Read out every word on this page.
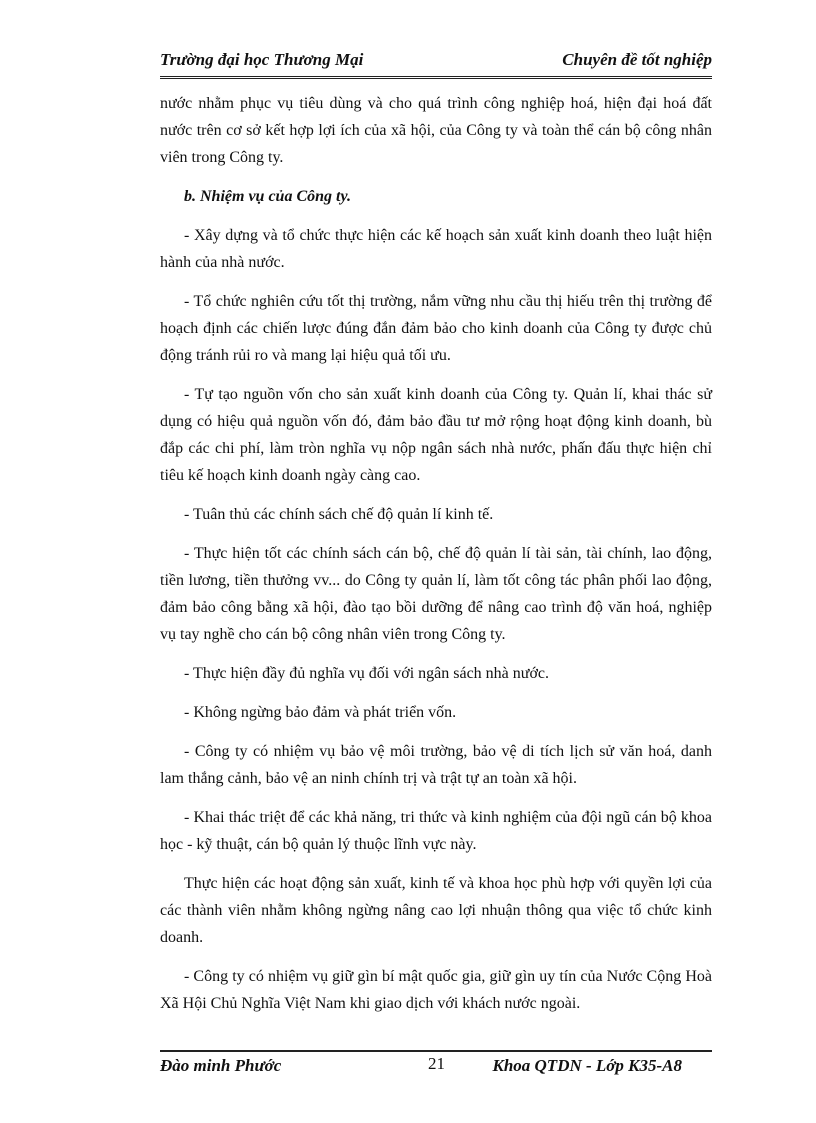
Trường đại học Thương Mại	Chuyên đề tốt nghiệp

nước nhằm phục vụ tiêu dùng và cho quá trình công nghiệp hoá, hiện đại hoá đất nước trên cơ sở kết hợp lợi ích của xã hội, của Công ty và toàn thể cán bộ công nhân viên trong Công ty.

b. Nhiệm vụ của Công ty.

- Xây dựng và tổ chức thực hiện các kế hoạch sản xuất kinh doanh theo luật hiện hành của nhà nước.

- Tổ chức nghiên cứu tốt thị trường, nắm vững nhu cầu thị hiếu trên thị trường để hoạch định các chiến lược đúng đắn đảm bảo cho kinh doanh của Công ty được chủ động tránh rủi ro và mang lại hiệu quả tối ưu.

- Tự tạo nguồn vốn cho sản xuất kinh doanh của Công ty. Quản lí, khai thác sử dụng có hiệu quả nguồn vốn đó, đảm bảo đầu tư mở rộng hoạt động kinh doanh, bù đắp các chi phí, làm tròn nghĩa vụ nộp ngân sách nhà nước, phấn đấu thực hiện chỉ tiêu kế hoạch kinh doanh ngày càng cao.

- Tuân thủ các chính sách chế độ quản lí kinh tế.

- Thực hiện tốt các chính sách cán bộ, chế độ quản lí tài sản, tài chính, lao động, tiền lương, tiền thưởng vv... do Công ty quản lí, làm tốt công tác phân phối lao động, đảm bảo công bằng xã hội, đào tạo bồi dưỡng để nâng cao trình độ văn hoá, nghiệp vụ tay nghề cho cán bộ công nhân viên trong Công ty.

- Thực hiện đầy đủ nghĩa vụ đối với ngân sách nhà nước.

- Không ngừng bảo đảm và phát triển vốn.

- Công ty có nhiệm vụ bảo vệ môi trường, bảo vệ di tích lịch sử văn hoá, danh lam thắng cảnh, bảo vệ an ninh chính trị và trật tự an toàn xã hội.

- Khai thác triệt để các khả năng, tri thức và kinh nghiệm của đội ngũ cán bộ khoa học - kỹ thuật, cán bộ quản lý thuộc lĩnh vực này.

Thực hiện các hoạt động sản xuất, kinh tế và khoa học phù hợp với quyền lợi của các thành viên nhằm không ngừng nâng cao lợi nhuận thông qua việc tổ chức kinh doanh.

- Công ty có nhiệm vụ giữ gìn bí mật quốc gia, giữ gìn uy tín của Nước Cộng Hoà Xã Hội Chủ Nghĩa Việt Nam khi giao dịch với khách nước ngoài.

Đào minh Phước	21	Khoa QTDN - Lớp K35-A8
